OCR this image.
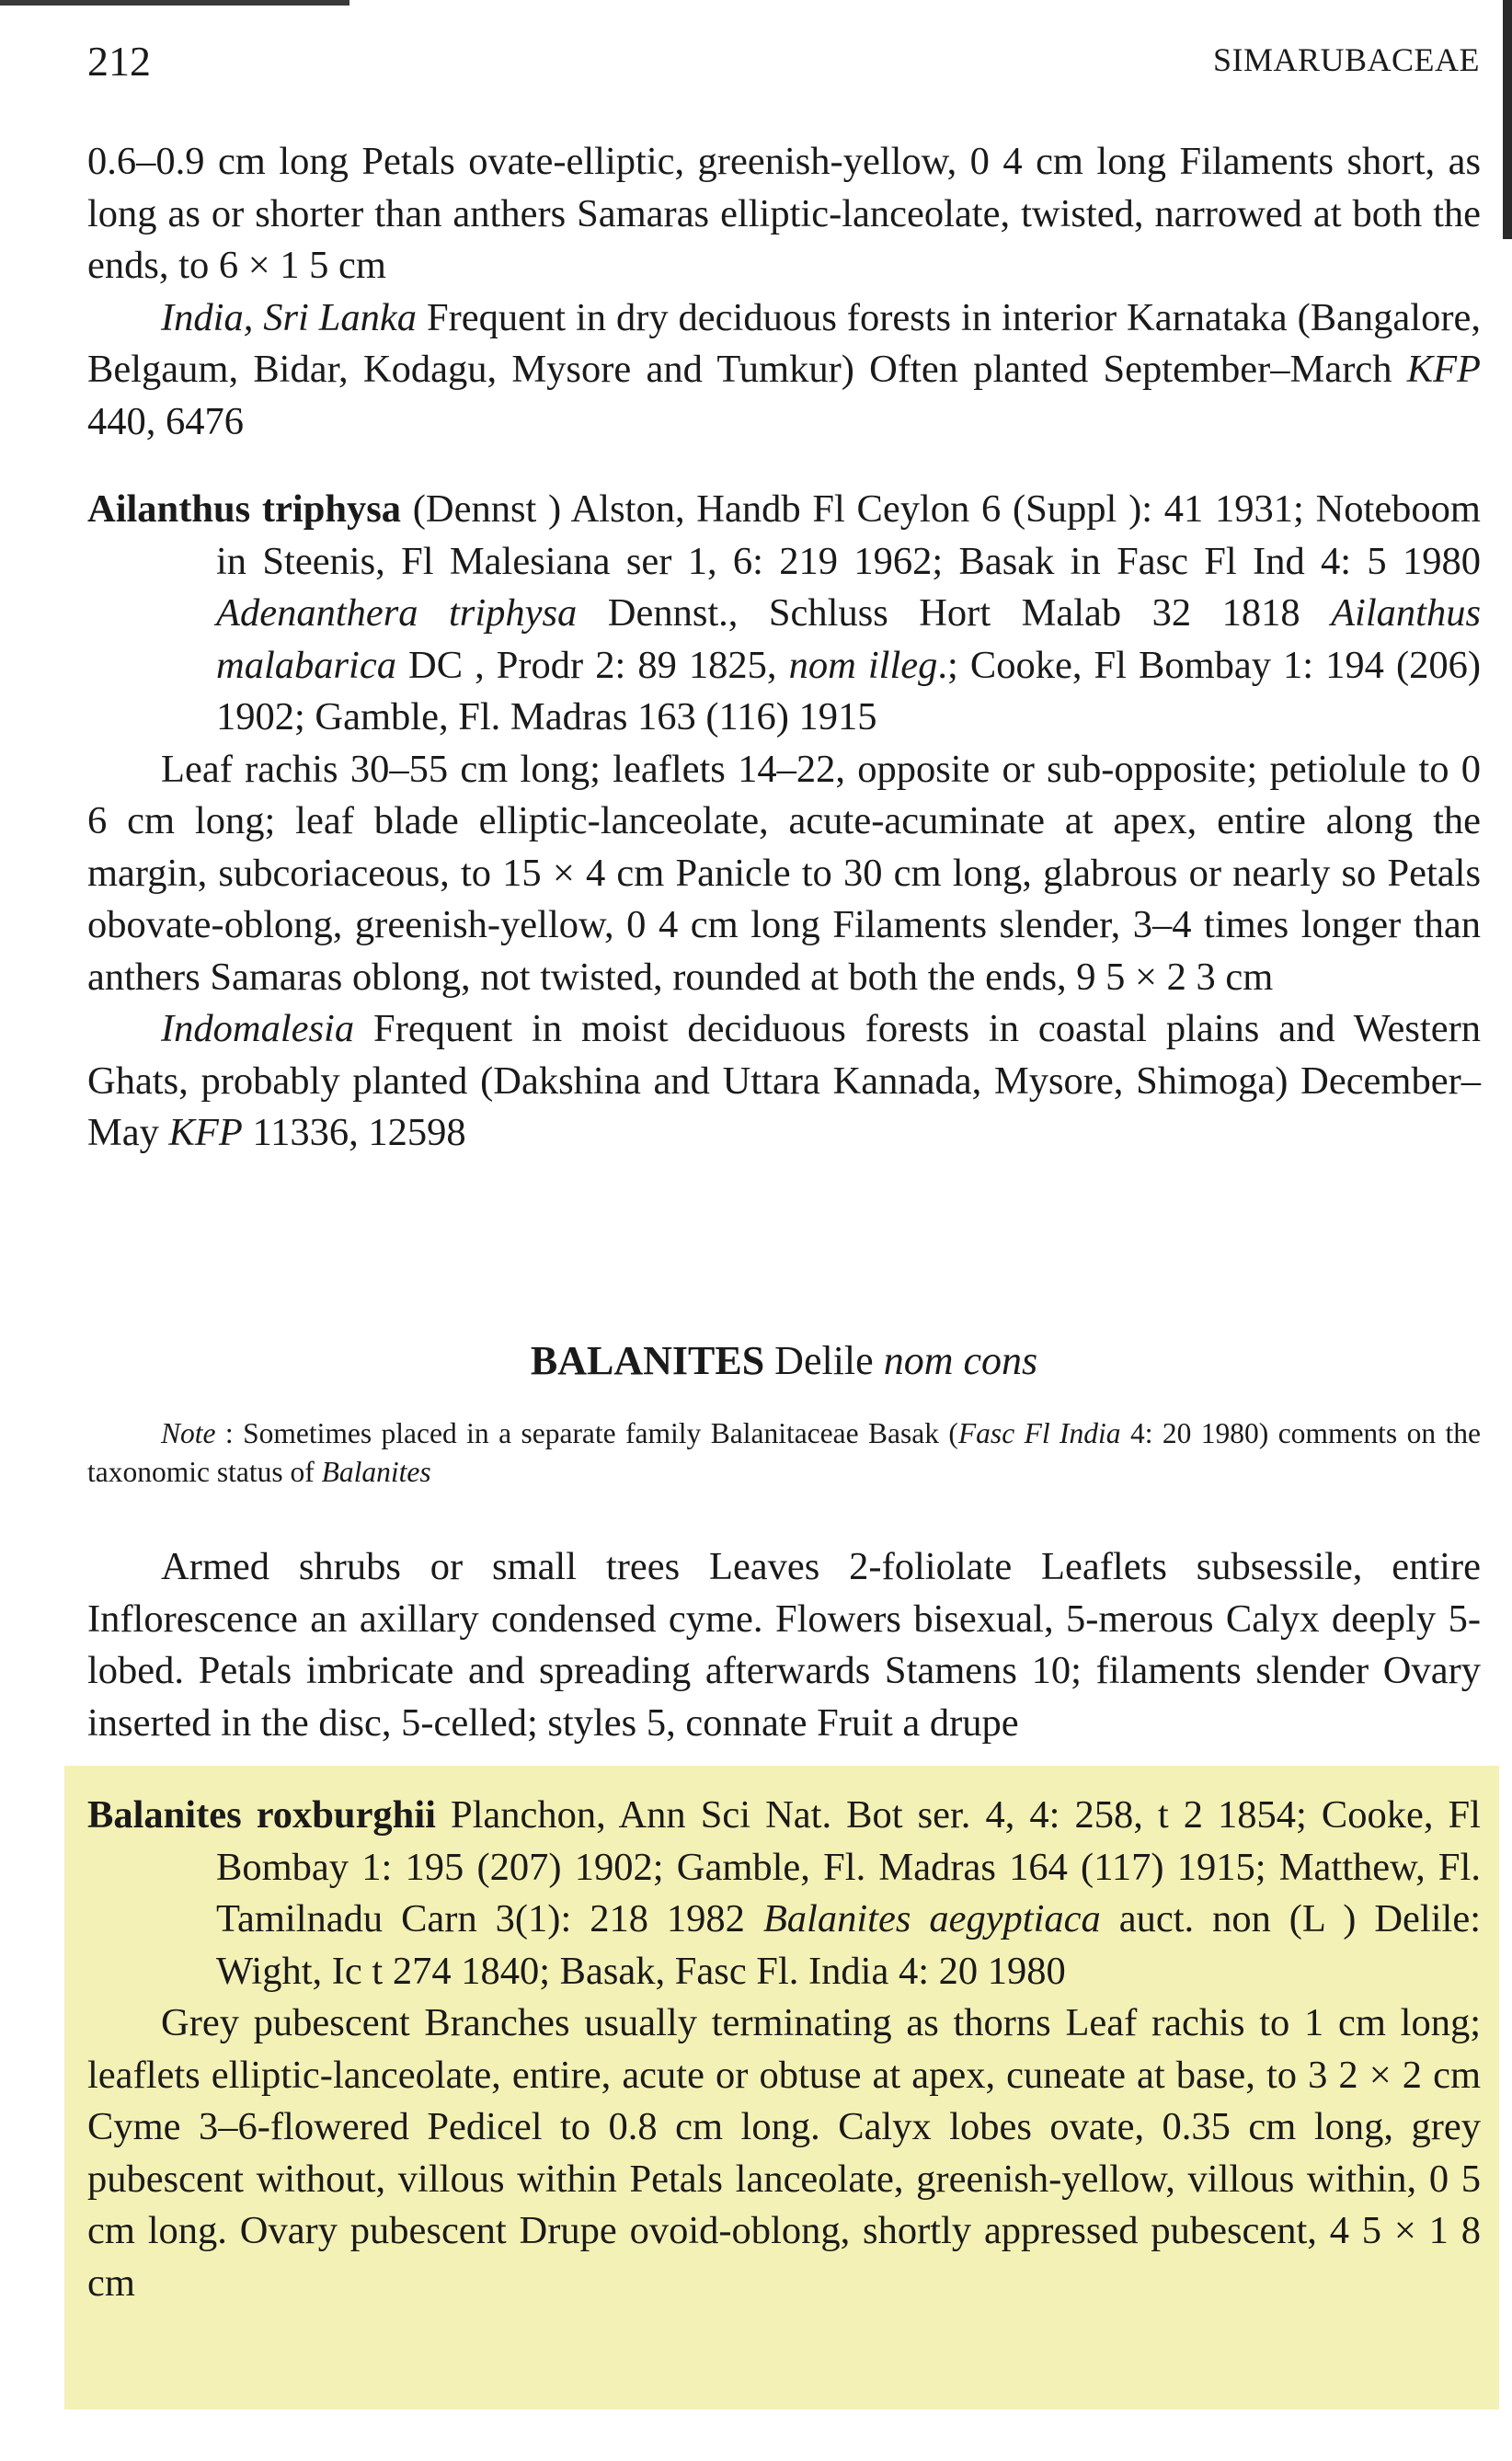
212	SIMARUBACEAE

0.6–0.9 cm long Petals ovate-elliptic, greenish-yellow, 0 4 cm long Filaments short, as long as or shorter than anthers Samaras elliptic-lanceolate, twisted, narrowed at both the ends, to 6 × 1 5 cm

India, Sri Lanka Frequent in dry deciduous forests in interior Karnataka (Bangalore, Belgaum, Bidar, Kodagu, Mysore and Tumkur) Often planted September–March KFP 440, 6476

Ailanthus triphysa (Dennst ) Alston, Handb Fl Ceylon 6 (Suppl ): 41 1931; Noteboom in Steenis, Fl Malesiana ser 1, 6: 219 1962; Basak in Fasc Fl Ind 4: 5 1980 Adenanthera triphysa Dennst., Schluss Hort Malab 32 1818 Ailanthus malabarica DC , Prodr 2: 89 1825, nom illeg.; Cooke, Fl Bombay 1: 194 (206) 1902; Gamble, Fl. Madras 163 (116) 1915

Leaf rachis 30–55 cm long; leaflets 14–22, opposite or sub-opposite; petiolule to 0 6 cm long; leaf blade elliptic-lanceolate, acute-acuminate at apex, entire along the margin, subcoriaceous, to 15 × 4 cm Panicle to 30 cm long, glabrous or nearly so Petals obovate-oblong, greenish-yellow, 0 4 cm long Filaments slender, 3–4 times longer than anthers Samaras oblong, not twisted, rounded at both the ends, 9 5 × 2 3 cm

Indomalesia Frequent in moist deciduous forests in coastal plains and Western Ghats, probably planted (Dakshina and Uttara Kannada, Mysore, Shimoga) December–May KFP 11336, 12598

BALANITES Delile nom cons

Note : Sometimes placed in a separate family Balanitaceae Basak (Fasc Fl India 4: 20 1980) comments on the taxonomic status of Balanites

Armed shrubs or small trees Leaves 2-foliolate Leaflets subsessile, entire Inflorescence an axillary condensed cyme. Flowers bisexual, 5-merous Calyx deeply 5-lobed. Petals imbricate and spreading afterwards Stamens 10; filaments slender Ovary inserted in the disc, 5-celled; styles 5, connate Fruit a drupe

Balanites roxburghii Planchon, Ann Sci Nat. Bot ser. 4, 4: 258, t 2 1854; Cooke, Fl Bombay 1: 195 (207) 1902; Gamble, Fl. Madras 164 (117) 1915; Matthew, Fl. Tamilnadu Carn 3(1): 218 1982 Balanites aegyptiaca auct. non (L ) Delile: Wight, Ic t 274 1840; Basak, Fasc Fl. India 4: 20 1980

Grey pubescent Branches usually terminating as thorns Leaf rachis to 1 cm long; leaflets elliptic-lanceolate, entire, acute or obtuse at apex, cuneate at base, to 3 2 × 2 cm Cyme 3–6-flowered Pedicel to 0.8 cm long. Calyx lobes ovate, 0.35 cm long, grey pubescent without, villous within Petals lanceolate, greenish-yellow, villous within, 0 5 cm long. Ovary pubescent Drupe ovoid-oblong, shortly appressed pubescent, 4 5 × 1 8 cm
